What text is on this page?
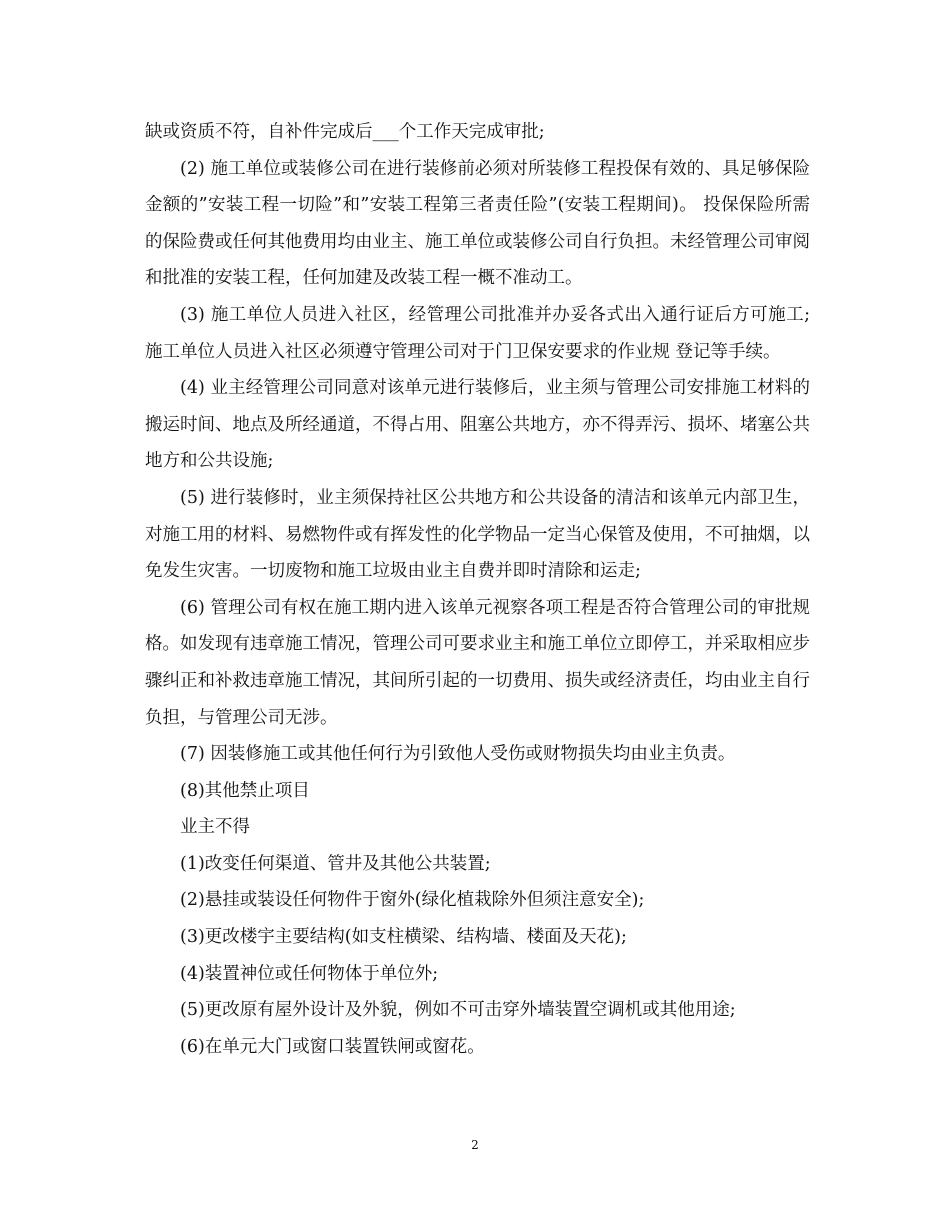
缺或资质不符，自补件完成后___个工作天完成审批;

(2) 施工单位或装修公司在进行装修前必须对所装修工程投保有效的、具足够保险金额的”安装工程一切险”和”安装工程第三者责任险”(安装工程期间)。 投保保险所需的保险费或任何其他费用均由业主、施工单位或装修公司自行负担。未经管理公司审阅和批准的安装工程，任何加建及改装工程一概不准动工。

(3) 施工单位人员进入社区，经管理公司批准并办妥各式出入通行证后方可施工;施工单位人员进入社区必须遵守管理公司对于门卫保安要求的作业规 登记等手续。

(4) 业主经管理公司同意对该单元进行装修后，业主须与管理公司安排施工材料的搬运时间、地点及所经通道，不得占用、阻塞公共地方，亦不得弄污、损坏、堵塞公共地方和公共设施;

(5) 进行装修时，业主须保持社区公共地方和公共设备的清洁和该单元内部卫生，对施工用的材料、易燃物件或有挥发性的化学物品一定当心保管及使用，不可抽烟，以免发生灾害。一切废物和施工垃圾由业主自费并即时清除和运走;

(6) 管理公司有权在施工期内进入该单元视察各项工程是否符合管理公司的审批规格。如发现有违章施工情况，管理公司可要求业主和施工单位立即停工，并采取相应步骤纠正和补救违章施工情况，其间所引起的一切费用、损失或经济责任，均由业主自行负担，与管理公司无涉。

(7) 因装修施工或其他任何行为引致他人受伤或财物损失均由业主负责。

(8)其他禁止项目

业主不得

(1)改变任何渠道、管井及其他公共装置;

(2)悬挂或装设任何物件于窗外(绿化植栽除外但须注意安全);

(3)更改楼宇主要结构(如支柱横梁、结构墙、楼面及天花);

(4)装置神位或任何物体于单位外;

(5)更改原有屋外设计及外貌，例如不可击穿外墙装置空调机或其他用途;

(6)在单元大门或窗口装置铁闸或窗花。

2
